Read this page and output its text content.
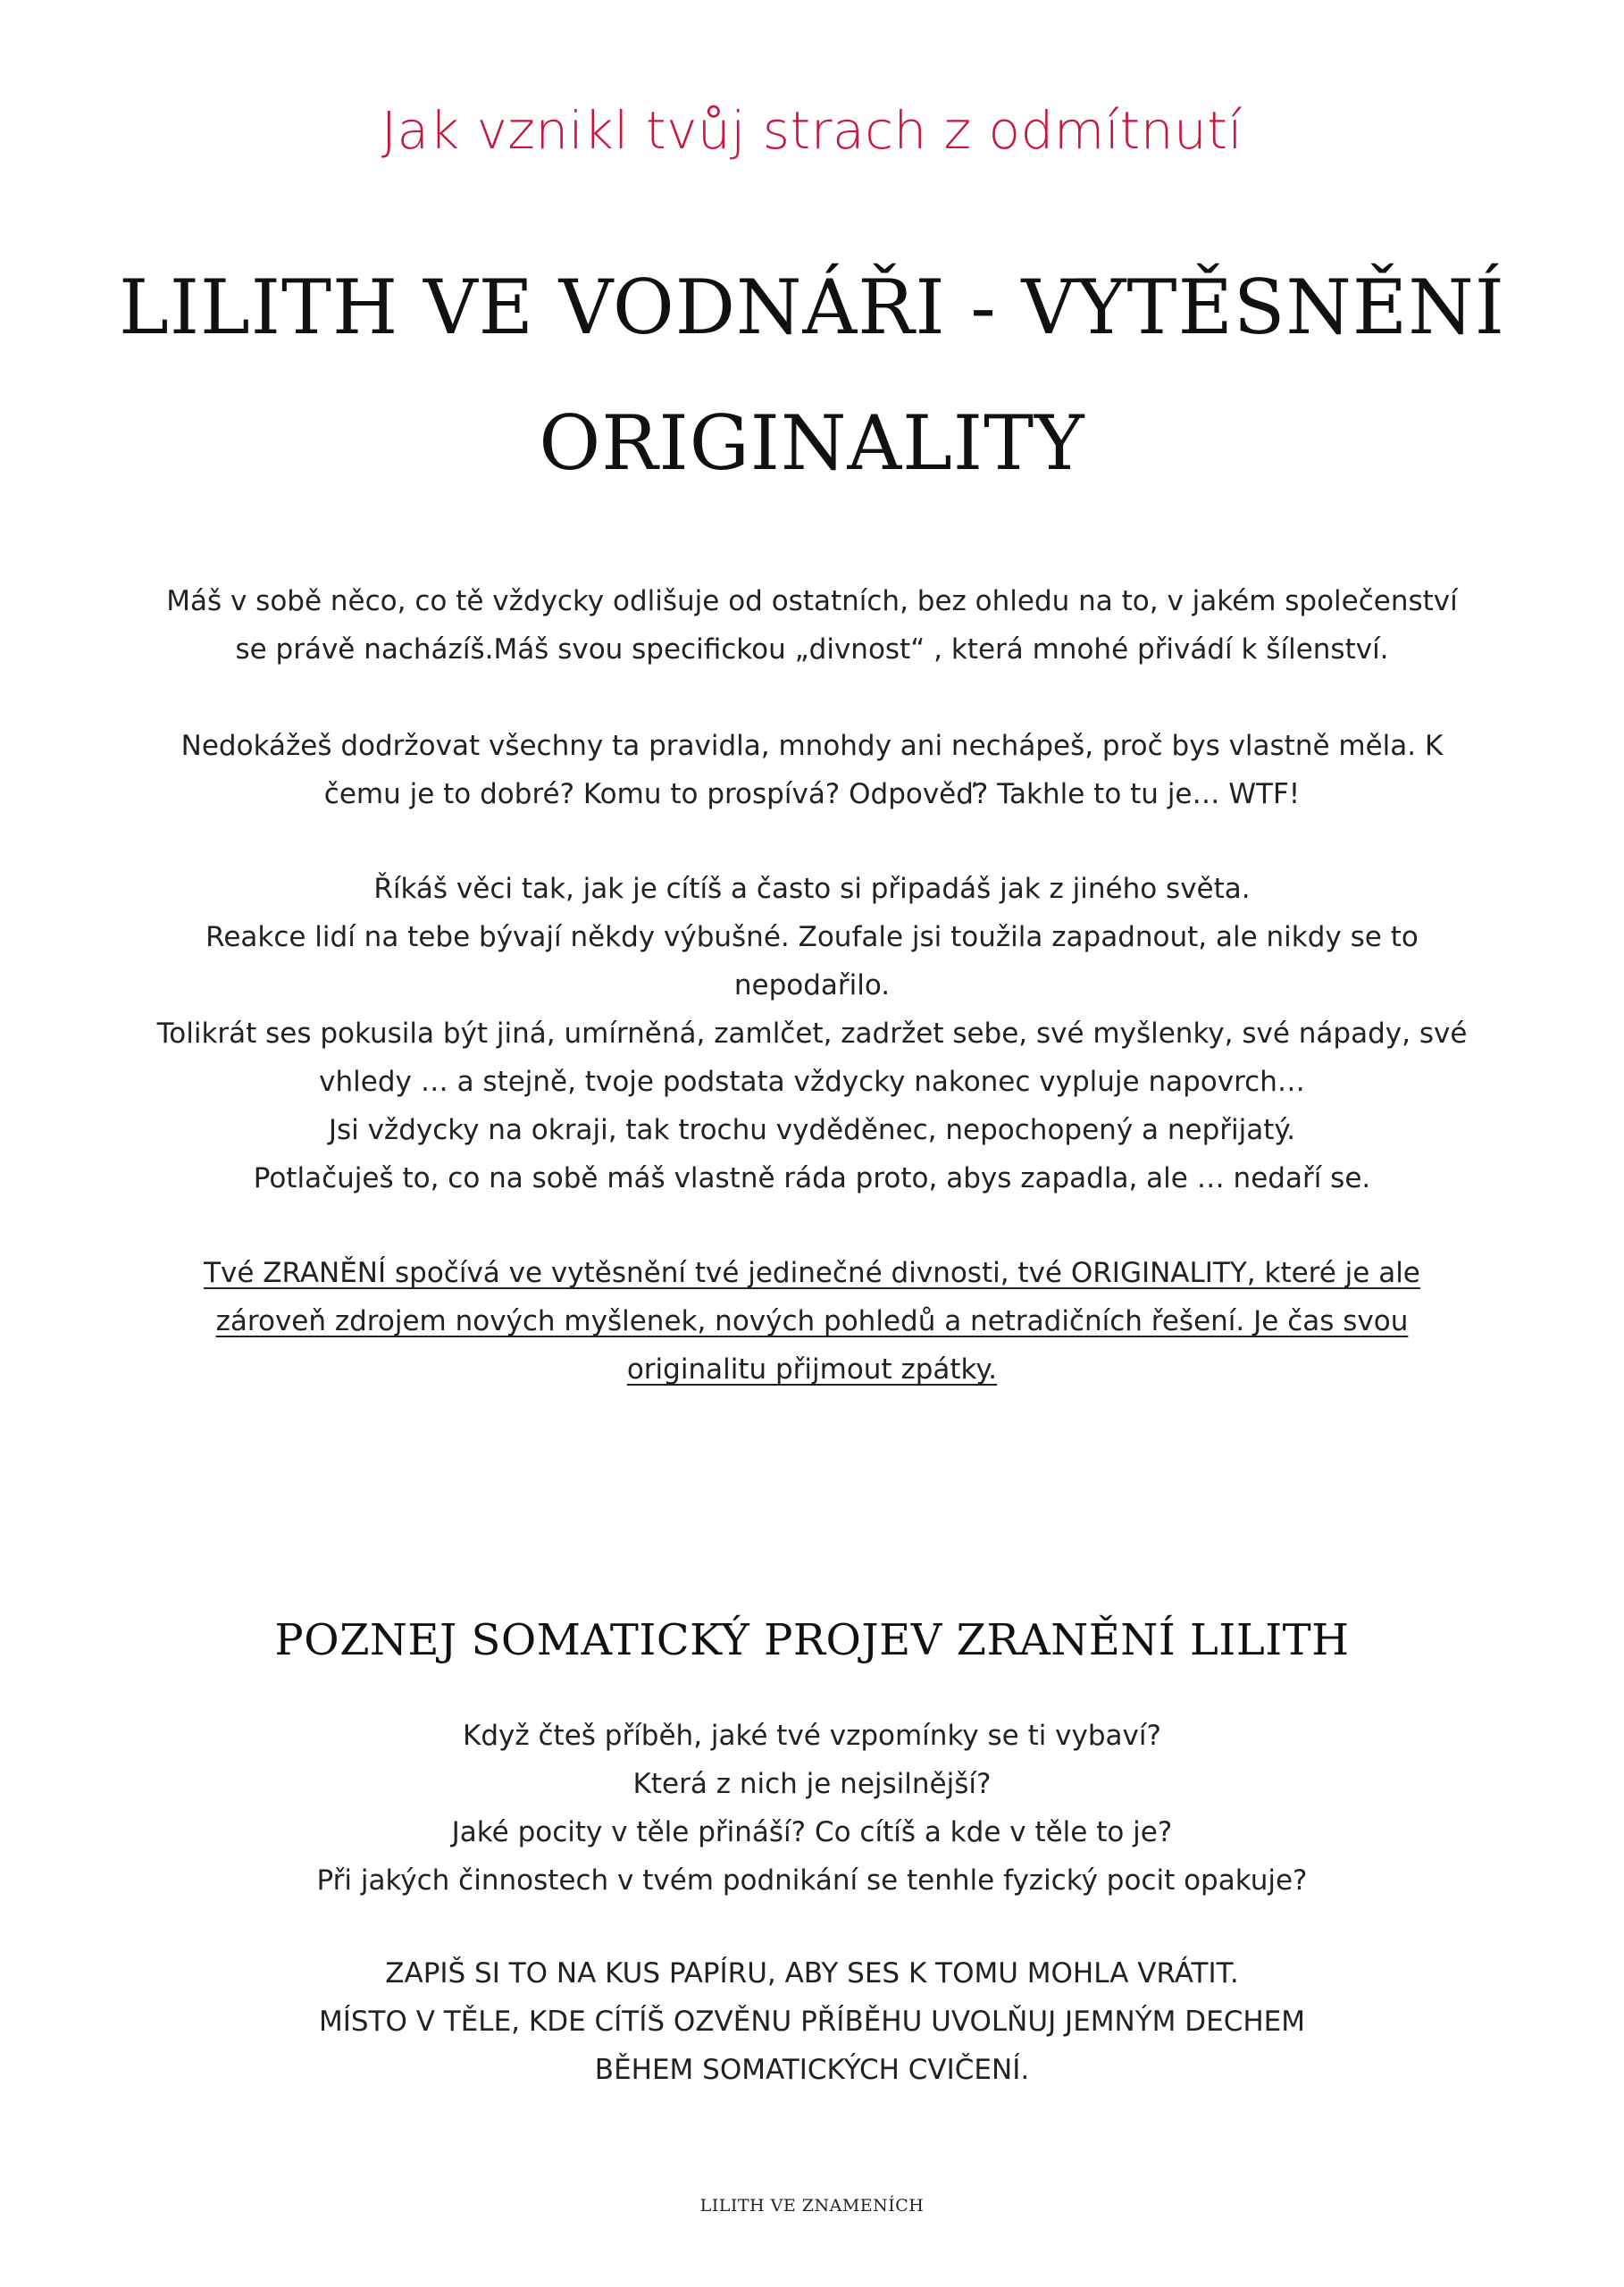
Jak vznikl tvůj strach z odmítnutí
LILITH VE VODNÁŘI - VYTĚSNĚNÍ
ORIGINALITY

Máš v sobě něco, co tě vždycky odlišuje od ostatních, bez ohledu na to, v jakém společenství

se právě nacházíš.Máš svou specifickou „divnost“ , která mnohé přivádí k šílenství.

Nedokážeš dodržovat všechny ta pravidla, mnohdy ani nechápeš, proč bys vlastně měla. K

čemu je to dobré? Komu to prospívá? Odpověď? Takhle to tu je… WTF!

Říkáš věci tak, jak je cítíš a často si připadáš jak z jiného světa.

Reakce lidí na tebe bývají někdy výbušné. Zoufale jsi toužila zapadnout, ale nikdy se to

nepodařilo.

Tolikrát ses pokusila být jiná, umírněná, zamlčet, zadržet sebe, své myšlenky, své nápady, své

vhledy … a stejně, tvoje podstata vždycky nakonec vypluje napovrch…

Jsi vždycky na okraji, tak trochu vyděděnec, nepochopený a nepřijatý.

Potlačuješ to, co na sobě máš vlastně ráda proto, abys zapadla, ale … nedaří se.

Tvé ZRANĚNÍ spočívá ve vytěsnění tvé jedinečné divnosti, tvé ORIGINALITY, které je ale
zároveň zdrojem nových myšlenek, nových pohledů a netradičních řešení. Je čas svou
originalitu přijmout zpátky.
POZNEJ SOMATICKÝ PROJEV ZRANĚNÍ LILITH

Když čteš příběh, jaké tvé vzpomínky se ti vybaví?

Která z nich je nejsilnější?

Jaké pocity v těle přináší? Co cítíš a kde v těle to je?

Při jakých činnostech v tvém podnikání se tenhle fyzický pocit opakuje?

ZAPIŠ SI TO NA KUS PAPÍRU, ABY SES K TOMU MOHLA VRÁTIT.

MÍSTO V TĚLE, KDE CÍTÍŠ OZVĚNU PŘÍBĚHU UVOLŇUJ JEMNÝM DECHEM

BĚHEM SOMATICKÝCH CVIČENÍ.

LILITH VE ZNAMENÍCH
